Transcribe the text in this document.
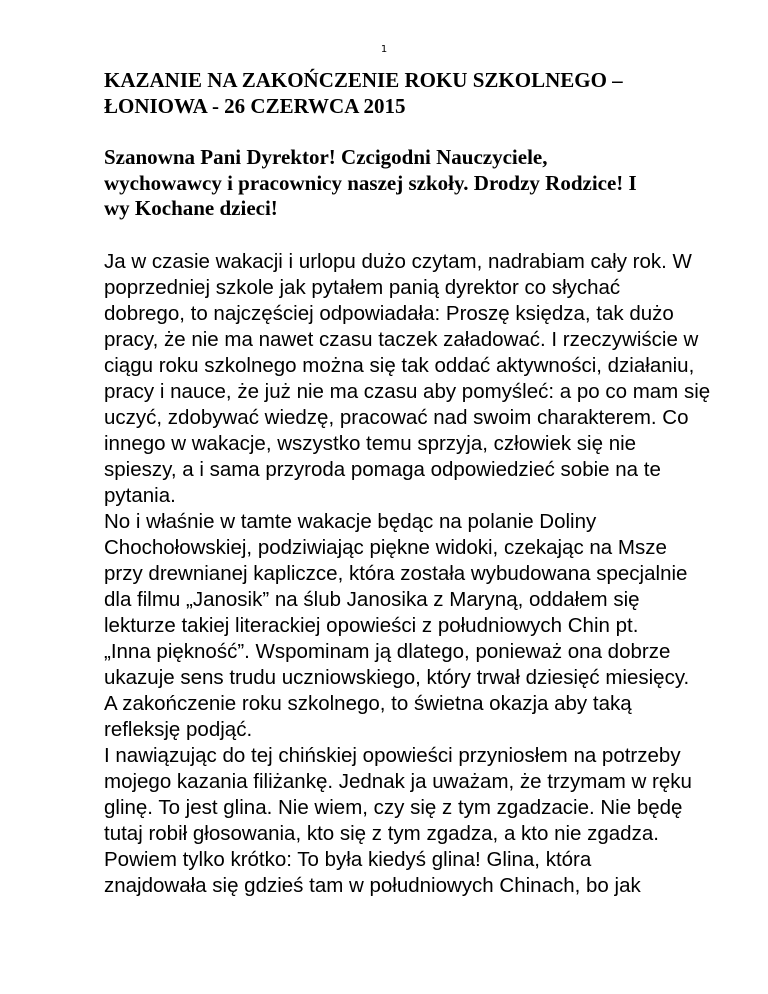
1
KAZANIE NA ZAKOŃCZENIE ROKU SZKOLNEGO –
ŁONIOWA - 26 CZERWCA 2015

Szanowna Pani Dyrektor! Czcigodni Nauczyciele,
wychowawcy i pracownicy naszej szkoły. Drodzy Rodzice! I
wy Kochane dzieci!

Ja w czasie wakacji i urlopu dużo czytam, nadrabiam cały rok. W
poprzedniej szkole jak pytałem panią dyrektor co słychać
dobrego, to najczęściej odpowiadała: Proszę księdza, tak dużo
pracy, że nie ma nawet czasu taczek załadować. I rzeczywiście w
ciągu roku szkolnego można się tak oddać aktywności, działaniu,
pracy i nauce, że już nie ma czasu aby pomyśleć: a po co mam się
uczyć, zdobywać wiedzę, pracować nad swoim charakterem. Co
innego w wakacje, wszystko temu sprzyja, człowiek się nie
spieszy, a i sama przyroda pomaga odpowiedzieć sobie na te
pytania.
No i właśnie w tamte wakacje będąc na polanie Doliny
Chochołowskiej, podziwiając piękne widoki, czekając na Msze
przy drewnianej kapliczce, która została wybudowana specjalnie
dla filmu „Janosik” na ślub Janosika z Maryną, oddałem się
lekturze takiej literackiej opowieści z południowych Chin pt.
„Inna piękność”. Wspominam ją dlatego, ponieważ ona dobrze
ukazuje sens trudu uczniowskiego, który trwał dziesięć miesięcy.
A zakończenie roku szkolnego, to świetna okazja aby taką
refleksję podjąć.
I nawiązując do tej chińskiej opowieści przyniosłem na potrzeby
mojego kazania filiżankę. Jednak ja uważam, że trzymam w ręku
glinę. To jest glina. Nie wiem, czy się z tym zgadzacie. Nie będę
tutaj robił głosowania, kto się z tym zgadza, a kto nie zgadza.
Powiem tylko krótko: To była kiedyś glina! Glina, która
znajdowała się gdzieś tam w południowych Chinach, bo jak
